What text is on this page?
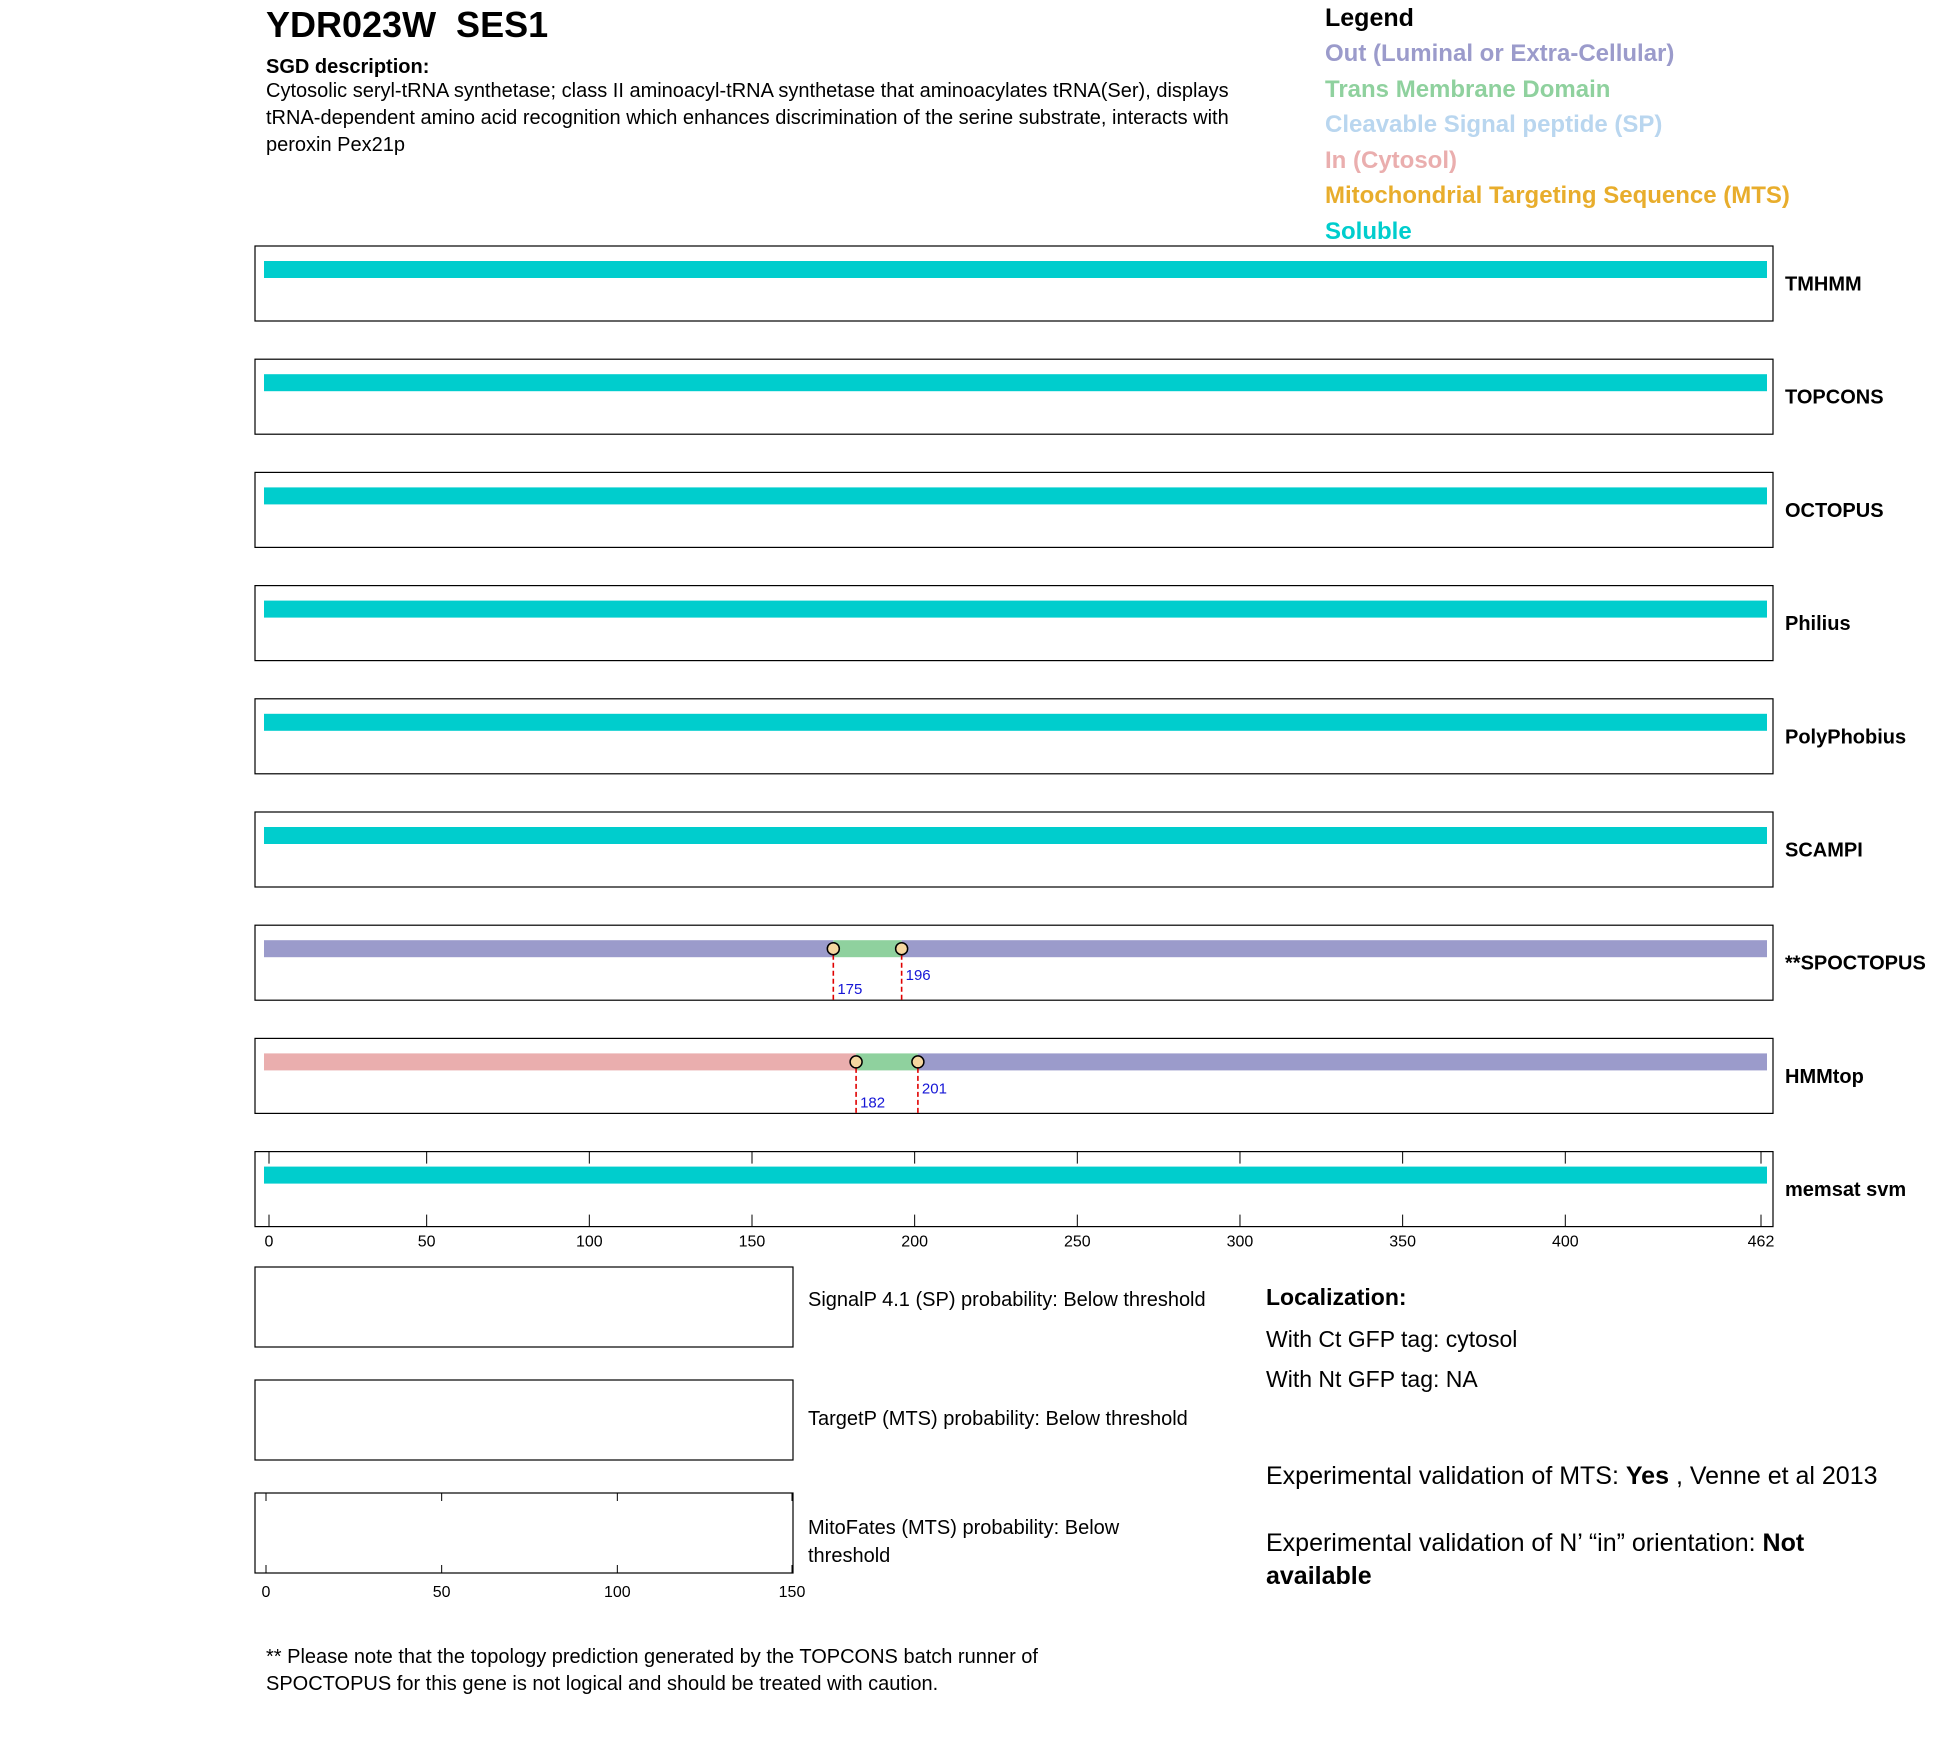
YDR023W  SES1
SGD description:
Cytosolic seryl-tRNA synthetase; class II aminoacyl-tRNA synthetase that aminoacylates tRNA(Ser), displays tRNA-dependent amino acid recognition which enhances discrimination of the serine substrate, interacts with peroxin Pex21p
Legend
Out (Luminal or Extra-Cellular)
Trans Membrane Domain
Cleavable Signal peptide (SP)
In (Cytosol)
Mitochondrial Targeting Sequence (MTS)
Soluble
TMHMM
TOPCONS
OCTOPUS
Philius
PolyPhobius
SCAMPI
175
196
**SPOCTOPUS
182
201
HMMtop
memsat svm
0	50	100	150	200	250	300	350	400	462
0	50	100	150
SignalP 4.1 (SP) probability: Below threshold
TargetP (MTS) probability: Below threshold
MitoFates (MTS) probability: Below threshold
Localization:
With Ct GFP tag: cytosol
With Nt GFP tag: NA
Experimental validation of MTS: Yes , Venne et al 2013
Experimental validation of N’ “in” orientation: Not available
** Please note that the topology prediction generated by the TOPCONS batch runner of SPOCTOPUS for this gene is not logical and should be treated with caution.
